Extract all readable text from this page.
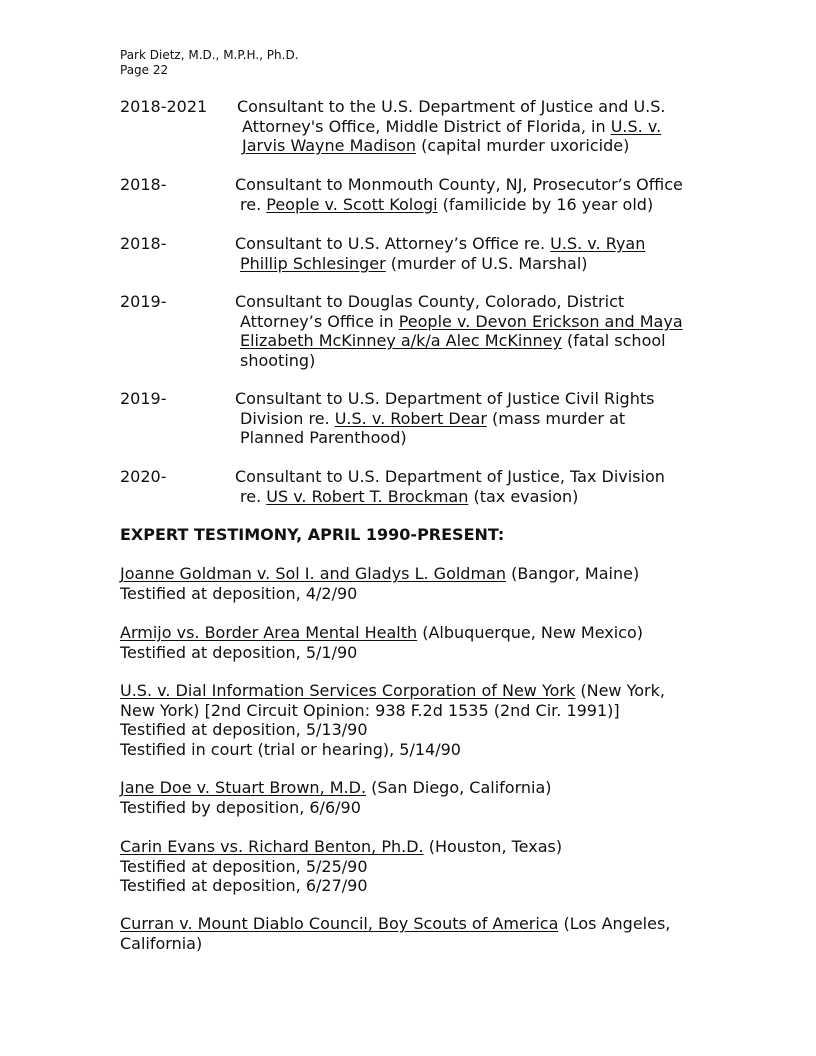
Park Dietz, M.D., M.P.H., Ph.D.
Page 22
2018-2021 Consultant to the U.S. Department of Justice and U.S.
Attorney's Office, Middle District of Florida, in U.S. v.
Jarvis Wayne Madison (capital murder uxoricide)
2018-	Consultant to Monmouth County, NJ, Prosecutor’s Office
re. People v. Scott Kologi (familicide by 16 year old)
2018-	Consultant to U.S. Attorney’s Office re. U.S. v. Ryan
Phillip Schlesinger (murder of U.S. Marshal)
2019-	Consultant to Douglas County, Colorado, District
Attorney’s Office in People v. Devon Erickson and Maya
Elizabeth McKinney a/k/a Alec McKinney (fatal school
shooting)
2019-	Consultant to U.S. Department of Justice Civil Rights
Division re. U.S. v. Robert Dear (mass murder at
Planned Parenthood)
2020-	Consultant to U.S. Department of Justice, Tax Division
re. US v. Robert T. Brockman (tax evasion)
EXPERT TESTIMONY, APRIL 1990-PRESENT:
Joanne Goldman v. Sol I. and Gladys L. Goldman (Bangor, Maine)
Testified at deposition, 4/2/90
Armijo vs. Border Area Mental Health (Albuquerque, New Mexico)
Testified at deposition, 5/1/90
U.S. v. Dial Information Services Corporation of New York (New York,
New York) [2nd Circuit Opinion: 938 F.2d 1535 (2nd Cir. 1991)]
Testified at deposition, 5/13/90
Testified in court (trial or hearing), 5/14/90
Jane Doe v. Stuart Brown, M.D. (San Diego, California)
Testified by deposition, 6/6/90
Carin Evans vs. Richard Benton, Ph.D. (Houston, Texas)
Testified at deposition, 5/25/90
Testified at deposition, 6/27/90
Curran v. Mount Diablo Council, Boy Scouts of America (Los Angeles,
California)
